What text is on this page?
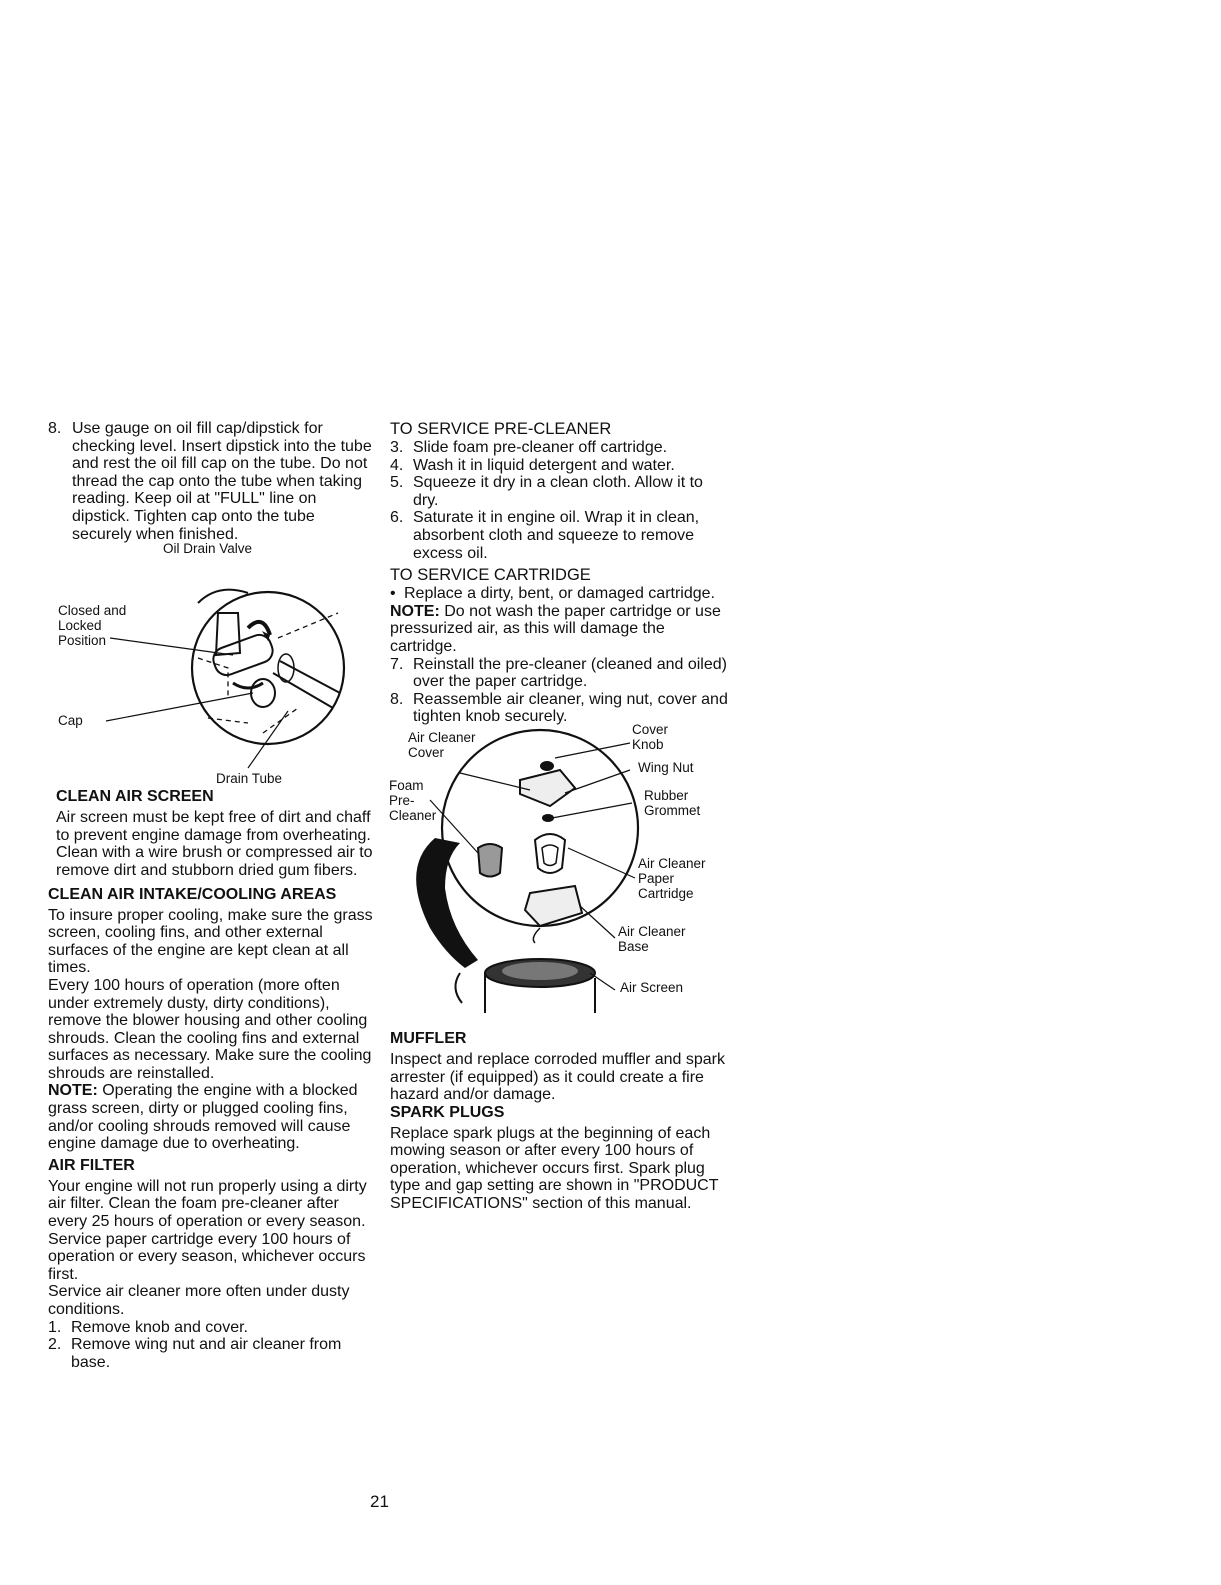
8. Use gauge on oil fill cap/dipstick for checking level. Insert dipstick into the tube and rest the oil fill cap on the tube. Do not thread the cap onto the tube when taking reading. Keep oil at "FULL" line on dipstick. Tighten cap onto the tube securely when finished.
Oil Drain Valve
Closed and Locked Position
Cap
Drain Tube
CLEAN AIR SCREEN

Air screen must be kept free of dirt and chaff to prevent engine damage from overheating. Clean with a wire brush or compressed air to remove dirt and stubborn dried gum fibers.

CLEAN AIR INTAKE/COOLING AREAS

To insure proper cooling, make sure the grass screen, cooling fins, and other external surfaces of the engine are kept clean at all times.

Every 100 hours of operation (more often under extremely dusty, dirty conditions), remove the blower housing and other cooling shrouds. Clean the cooling fins and external surfaces as necessary. Make sure the cooling shrouds are reinstalled.

NOTE: Operating the engine with a blocked grass screen, dirty or plugged cooling fins, and/or cooling shrouds removed will cause engine damage due to overheating.

AIR FILTER

Your engine will not run properly using a dirty air filter. Clean the foam pre-cleaner after every 25 hours of operation or every season. Service paper cartridge every 100 hours of operation or every season, whichever occurs first.

Service air cleaner more often under dusty conditions.

1. Remove knob and cover.
2. Remove wing nut and air cleaner from base.
TO SERVICE PRE-CLEANER
3. Slide foam pre-cleaner off cartridge.
4. Wash it in liquid detergent and water.
5. Squeeze it dry in a clean cloth. Allow it to dry.
6. Saturate it in engine oil. Wrap it in clean, absorbent cloth and squeeze to remove excess oil.
TO SERVICE CARTRIDGE
• Replace a dirty, bent, or damaged cartridge.

NOTE: Do not wash the paper cartridge or use pressurized air, as this will damage the cartridge.

7. Reinstall the pre-cleaner (cleaned and oiled) over the paper cartridge.
8. Reassemble air cleaner, wing nut, cover and tighten knob securely.
Air Cleaner Cover
Cover Knob
Wing Nut
Foam Pre- Cleaner
Rubber Grommet
Air Cleaner Paper Cartridge
Air Cleaner Base
Air Screen
MUFFLER

Inspect and replace corroded muffler and spark arrester (if equipped) as it could create a fire hazard and/or damage.

SPARK PLUGS

Replace spark plugs at the beginning of each mowing season or after every 100 hours of operation, whichever occurs first. Spark plug type and gap setting are shown in "PRODUCT SPECIFICATIONS" section of this manual.

21
